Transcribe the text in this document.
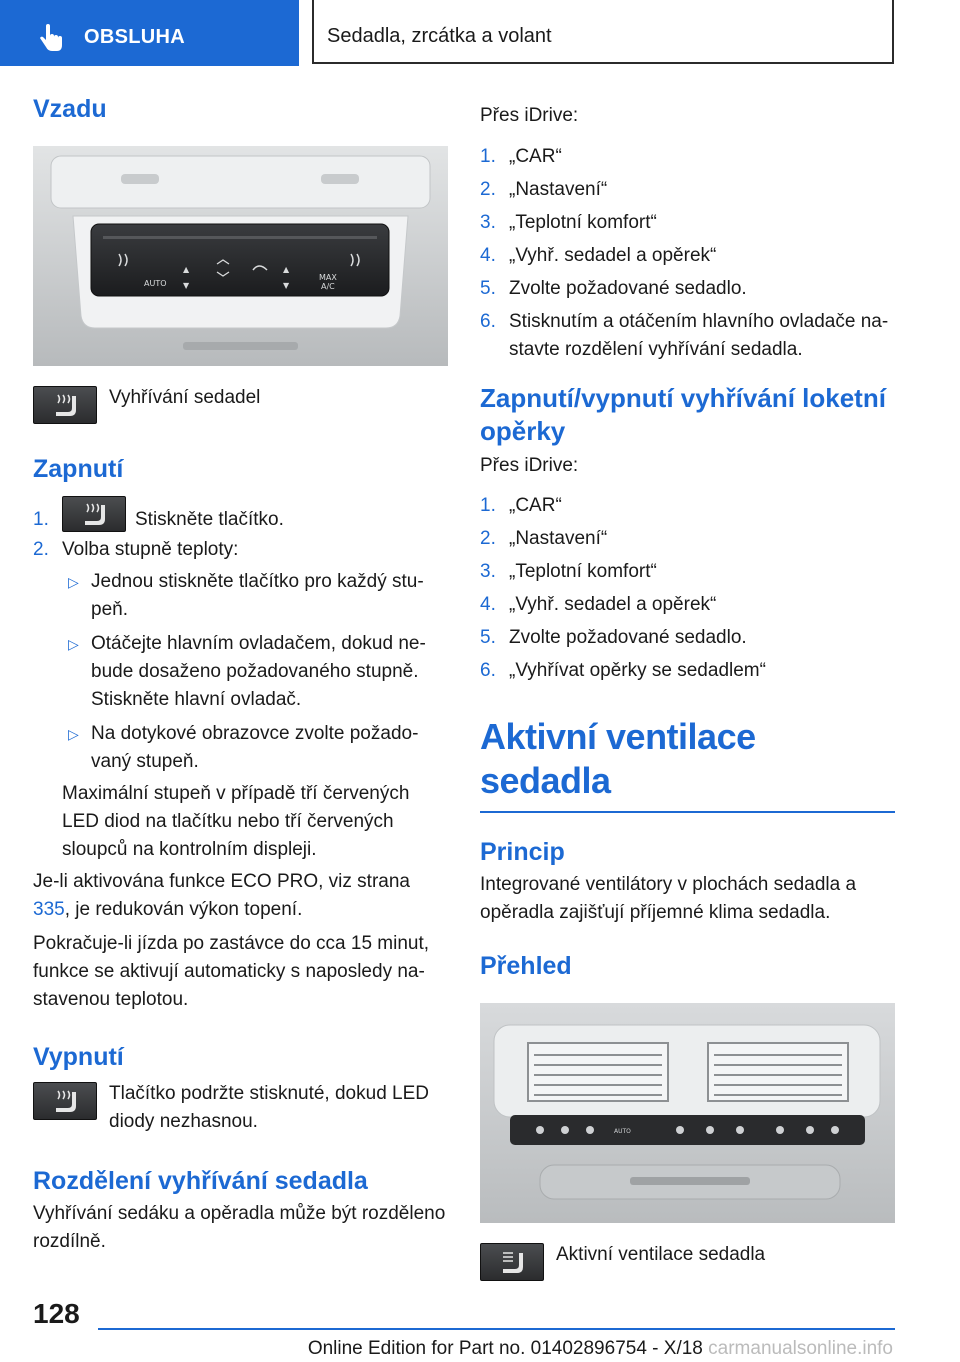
OBSLUHA	Sedadla, zrcátka a volant
Vzadu
AUTO
▲
▼
▲
▼
MAX
A/C

Vyhřívání sedadel

Zapnutí
1.	Stiskněte tlačítko.
2. Volba stupně teploty:
▷ Jednou stiskněte tlačítko pro každý stu‐peň.
▷ Otáčejte hlavním ovladačem, dokud ne‐bude dosaženo požadovaného stupně. Stiskněte hlavní ovladač.
▷ Na dotykové obrazovce zvolte požado‐vaný stupeň.

Maximální stupeň v případě tří červených LED diod na tlačítku nebo tří červených sloupců na kontrolním displeji.

Je-li aktivována funkce ECO PRO, viz strana 335, je redukován výkon topení.

Pokračuje-li jízda po zastávce do cca 15 minut, funkce se aktivují automaticky s naposledy na‐stavenou teplotou.

Vypnutí

Tlačítko podržte stisknuté, dokud LED diody nezhasnou.

Rozdělení vyhřívání sedadla

Vyhřívání sedáku a opěradla může být rozděleno rozdílně.

Přes iDrive:

1. „CAR“
2. „Nastavení“
3. „Teplotní komfort“
4. „Vyhř. sedadel a opěrek“
5. Zvolte požadované sedadlo.
6. Stisknutím a otáčením hlavního ovladače na‐stavte rozdělení vyhřívání sedadla.
Zapnutí/vypnutí vyhřívání loketní opěrky

Přes iDrive:

1. „CAR“
2. „Nastavení“
3. „Teplotní komfort“
4. „Vyhř. sedadel a opěrek“
5. Zvolte požadované sedadlo.
6. „Vyhřívat opěrky se sedadlem“
Aktivní ventilace sedadla
Princip

Integrované ventilátory v plochách sedadla a opěradla zajišťují příjemné klima sedadla.

Přehled
AUTO

Aktivní ventilace sedadla

128
Online Edition for Part no. 01402896754 - X/18 carmanualsonline.info
